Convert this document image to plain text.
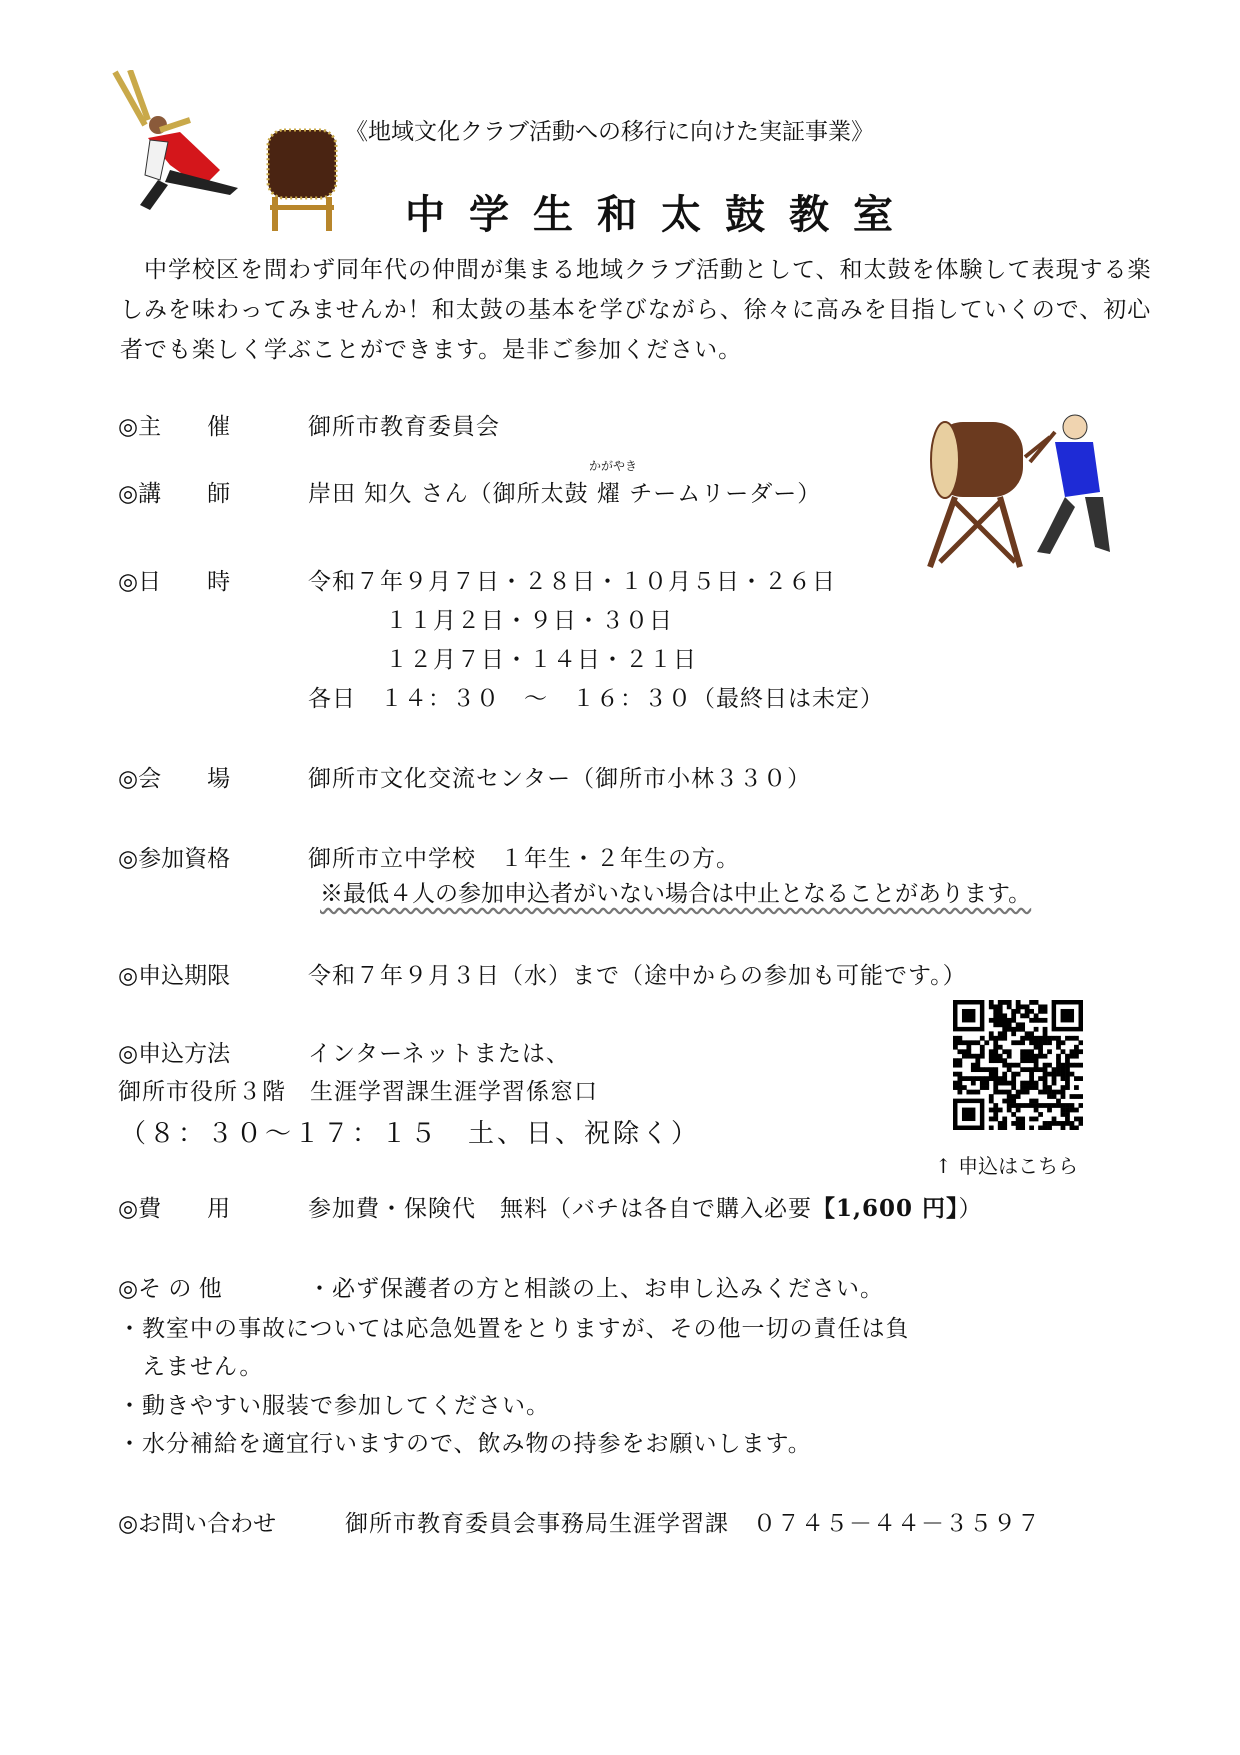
《地域文化クラブ活動への移行に向けた実証事業》
中学生和太鼓教室
　中学校区を問わず同年代の仲間が集まる地域クラブ活動として、和太鼓を体験して表現する楽しみを味わってみませんか！和太鼓の基本を学びながら、徐々に高みを目指していくので、初心者でも楽しく学ぶことができます。是非ご参加ください。
◎主　　催	御所市教育委員会
◎講　　師	岸田 知久 さん（御所太鼓
かがやき
燿 チームリーダー）
◎日　　時	令和７年９月７日・２８日・１０月５日・２６日
１１月２日・９日・３０日
１２月７日・１４日・２１日
各日　１４：３０　～　１６：３０（最終日は未定）
◎会　　場	御所市文化交流センター（御所市小林３３０）
◎参加資格	御所市立中学校　１年生・２年生の方。
※最低４人の参加申込者がいない場合は中止となることがあります。
◎申込期限	令和７年９月３日（水）まで（途中からの参加も可能です。）
◎申込方法	インターネットまたは、
御所市役所３階　生涯学習課生涯学習係窓口
（８：３０～１７：１５　土、日、祝除く）
↑ 申込はこちら
◎費　　用	参加費・保険代　無料（バチは各自で購入必要【1,600 円】）
◎そ の 他	・必ず保護者の方と相談の上、お申し込みください。
・教室中の事故については応急処置をとりますが、その他一切の責任は負
　えません。
・動きやすい服装で参加してください。
・水分補給を適宜行いますので、飲み物の持参をお願いします。
◎お問い合わせ	御所市教育委員会事務局生涯学習課　０７４５－４４－３５９７
